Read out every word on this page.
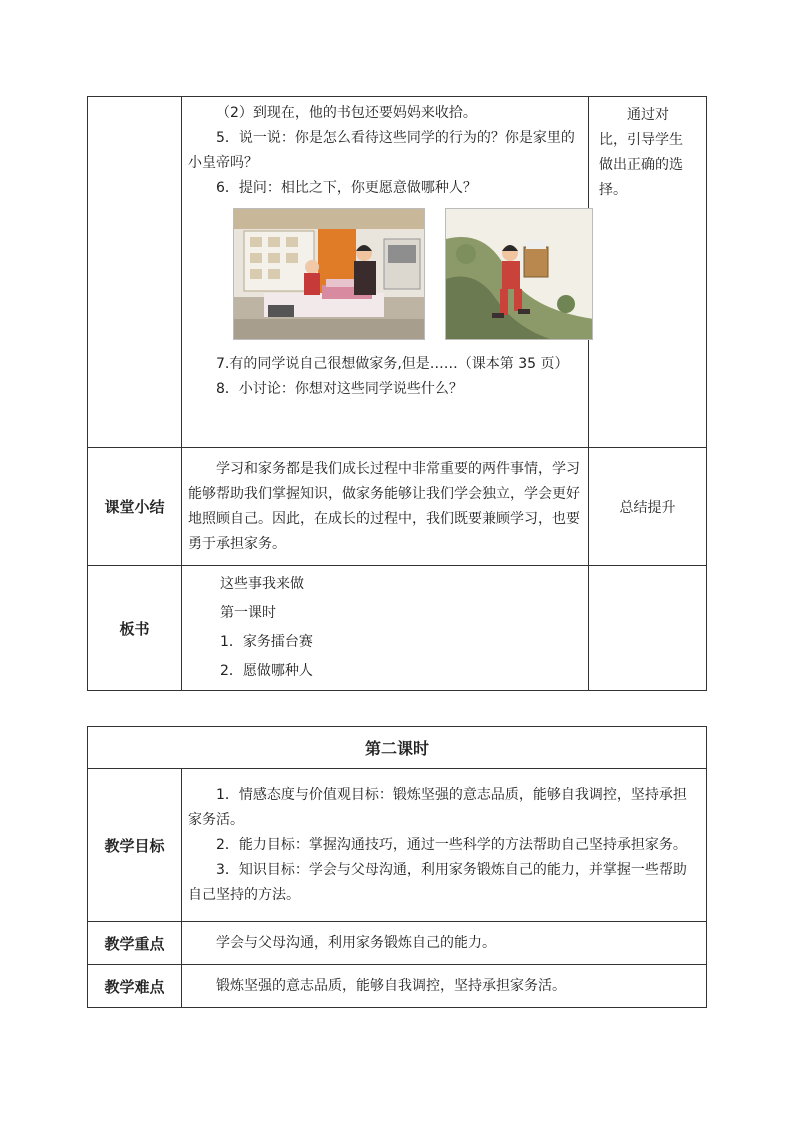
	（2）到现在，他的书包还要妈妈来收拾。

5．说一说：你是怎么看待这些同学的行为的？你是家里的小皇帝吗？

6．提问：相比之下，你更愿意做哪种人？

7.有的同学说自己很想做家务,但是……（课本第 35 页）

8．小讨论：你想对这些同学说些什么？	通过对比，引导学生做出正确的选择。

课堂小结	学习和家务都是我们成长过程中非常重要的两件事情，学习能够帮助我们掌握知识，做家务能够让我们学会独立，学会更好地照顾自己。因此，在成长的过程中，我们既要兼顾学习，也要勇于承担家务。	总结提升
板书	这些事我来做

第一课时

1．家务擂台赛

2．愿做哪种人	

第二课时	
教学目标	1．情感态度与价值观目标：锻炼坚强的意志品质，能够自我调控，坚持承担家务活。

2．能力目标：掌握沟通技巧，通过一些科学的方法帮助自己坚持承担家务。

3．知识目标：学会与父母沟通，利用家务锻炼自己的能力，并掌握一些帮助自己坚持的方法。

教学重点	学会与父母沟通，利用家务锻炼自己的能力。

教学难点	锻炼坚强的意志品质，能够自我调控，坚持承担家务活。
